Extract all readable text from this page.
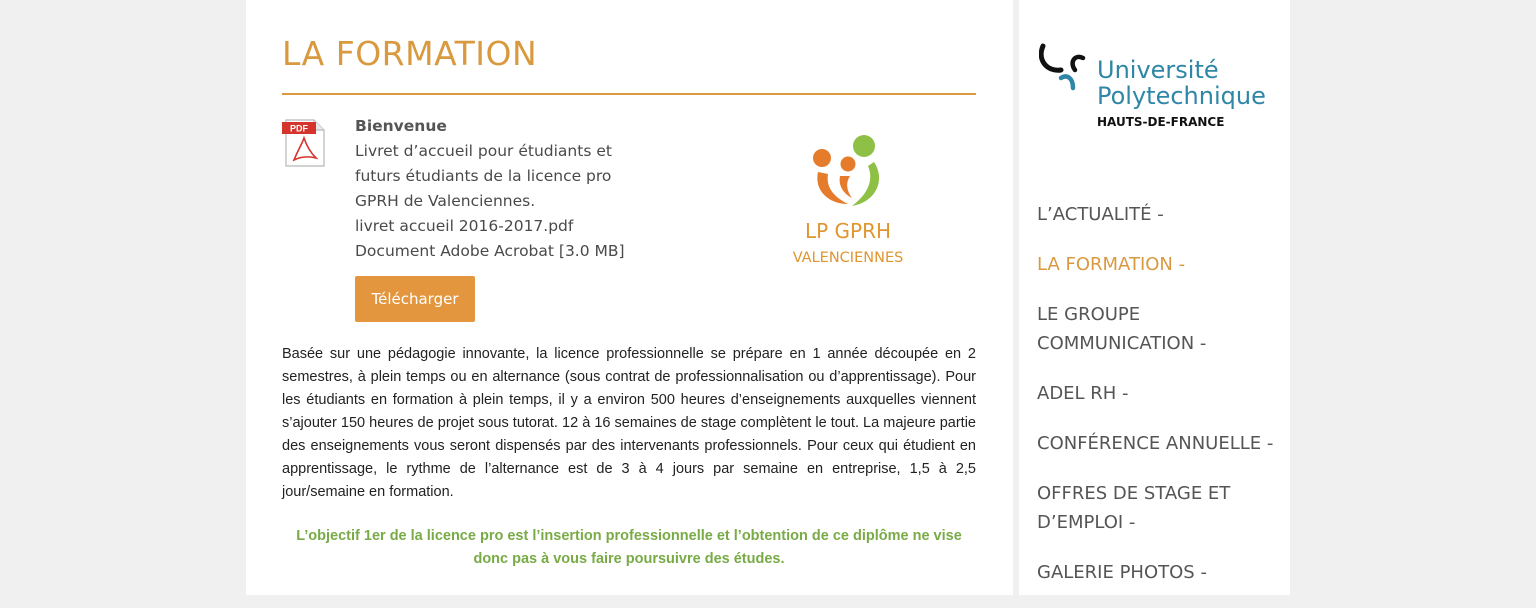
LA FORMATION
PDF	Bienvenue
Livret d’accueil pour étudiants et futurs étudiants de la licence pro GPRH de Valenciennes.
livret accueil 2016-2017.pdf
Document Adobe Acrobat [3.0 MB]
Télécharger
LP GPRH
VALENCIENNES

Basée sur une pédagogie innovante, la licence professionnelle se prépare en 1 année découpée en 2 semestres, à plein temps ou en alternance (sous contrat de professionnalisation ou d’apprentissage). Pour les étudiants en formation à plein temps, il y a environ 500 heures d’enseignements auxquelles viennent s’ajouter 150 heures de projet sous tutorat. 12 à 16 semaines de stage complètent le tout. La majeure partie des enseignements vous seront dispensés par des intervenants professionnels. Pour ceux qui étudient en apprentissage, le rythme de l’alternance est de 3 à 4 jours par semaine en entreprise, 1,5 à 2,5 jour/semaine en formation.

L’objectif 1er de la licence pro est l’insertion professionnelle et l’obtention de ce diplôme ne vise
donc pas à vous faire poursuivre des études.

Université
Polytechnique
HAUTS-DE-FRANCE
L’ACTUALITÉ -
LA FORMATION -
LE GROUPE
COMMUNICATION -
ADEL RH -
CONFÉRENCE ANNUELLE -
OFFRES DE STAGE ET
D’EMPLOI -
GALERIE PHOTOS -
